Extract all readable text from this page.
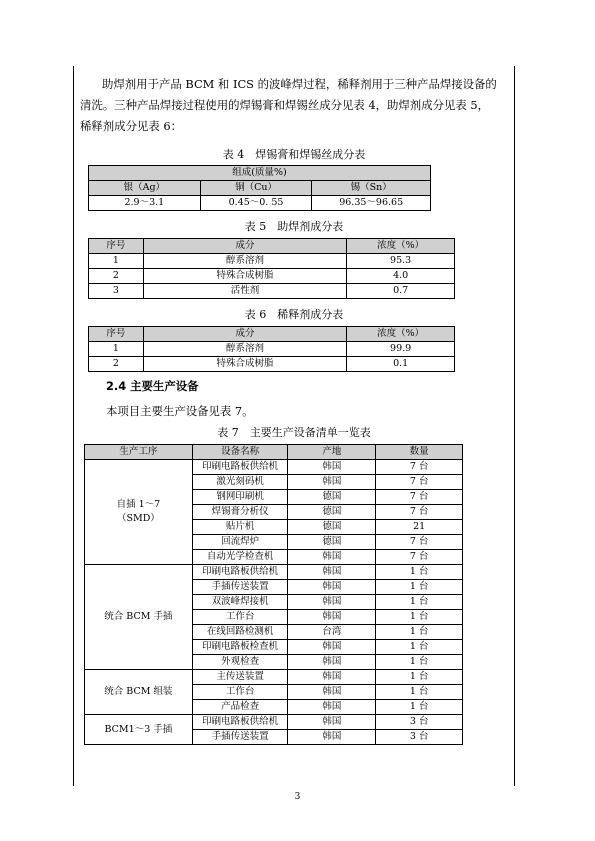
助焊剂用于产品 BCM 和 ICS 的波峰焊过程，稀释剂用于三种产品焊接设备的

清洗。三种产品焊接过程使用的焊锡膏和焊锡丝成分见表 4，助焊剂成分见表 5，

稀释剂成分见表 6：

表 4　焊锡膏和焊锡丝成分表

组成(质量%)		
银（Ag）	铜（Cu）	锡（Sn）
2.9～3.1	0.45～0. 55	96.35～96.65

表 5　助焊剂成分表

序号	成分	浓度（%）
1	醇系溶剂	95.3
2	特殊合成树脂	4.0
3	活性剂	0.7

表 6　稀释剂成分表

序号	成分	浓度（%）
1	醇系溶剂	99.9
2	特殊合成树脂	0.1

2.4 主要生产设备

本项目主要生产设备见表 7。

表 7　主要生产设备清单一览表

生产工序	设备名称	产地	数量

自插 1～7
（SMD）	印刷电路板供给机	韩国	7 台
	激光刻码机	韩国	7 台
	钢网印刷机	德国	7 台
	焊锡膏分析仪	德国	7 台
	贴片机	德国	21
	回流焊炉	德国	7 台
	自动光学检查机	韩国	7 台

统合 BCM 手插	印刷电路板供给机	韩国	1 台
	手插传送装置	韩国	1 台
	双波峰焊接机	韩国	1 台
	工作台	韩国	1 台
	在线回路检测机	台湾	1 台
	印刷电路板检查机	韩国	1 台
	外观检查	韩国	1 台

统合 BCM 组装	主传送装置	韩国	1 台
	工作台	韩国	1 台
	产品检查	韩国	1 台

BCM1～3 手插	印刷电路板供给机	韩国	3 台
	手插传送装置	韩国	3 台
3
